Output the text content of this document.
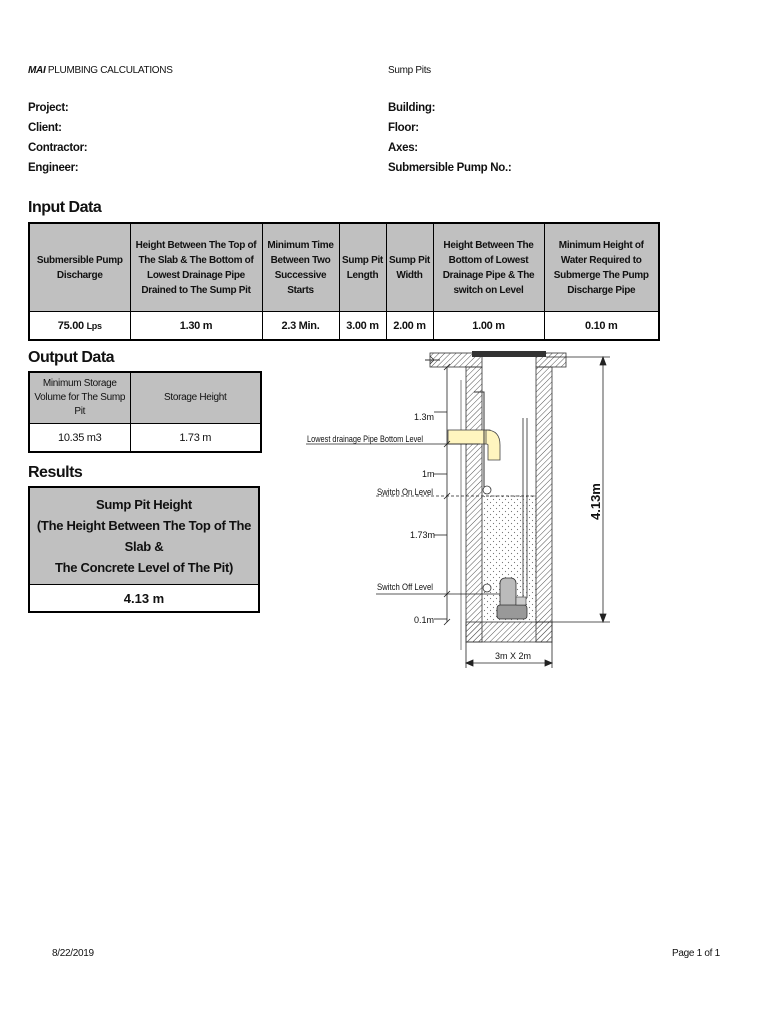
MAI PLUMBING CALCULATIONS	Sump Pits
Project:
Client:
Contractor:
Engineer:
Building:
Floor:
Axes:
Submersible Pump No.:
Input Data
Submersible Pump Discharge	Height Between The Top of The Slab & The Bottom of Lowest Drainage Pipe Drained to The Sump Pit	Minimum Time Between Two Successive Starts	Sump Pit Length	Sump Pit Width	Height Between The Bottom of Lowest Drainage Pipe & The switch on Level	Minimum Height of Water Required to Submerge The Pump Discharge Pipe
75.00 Lps	1.30 m	2.3 Min.	3.00 m	2.00 m	1.00 m	0.10 m
Output Data
Minimum Storage Volume for The Sump Pit	Storage Height
10.35 m3	1.73 m
Results
Sump Pit Height
(The Height Between The Top of The Slab &
The Concrete Level of The Pit)

4.13 m
1.3m
Lowest drainage Pipe Bottom Level
1m
Switch On Level
1.73m
Switch Off Level
0.1m
3m X 2m
4.13m
8/22/2019	Page 1 of 1
